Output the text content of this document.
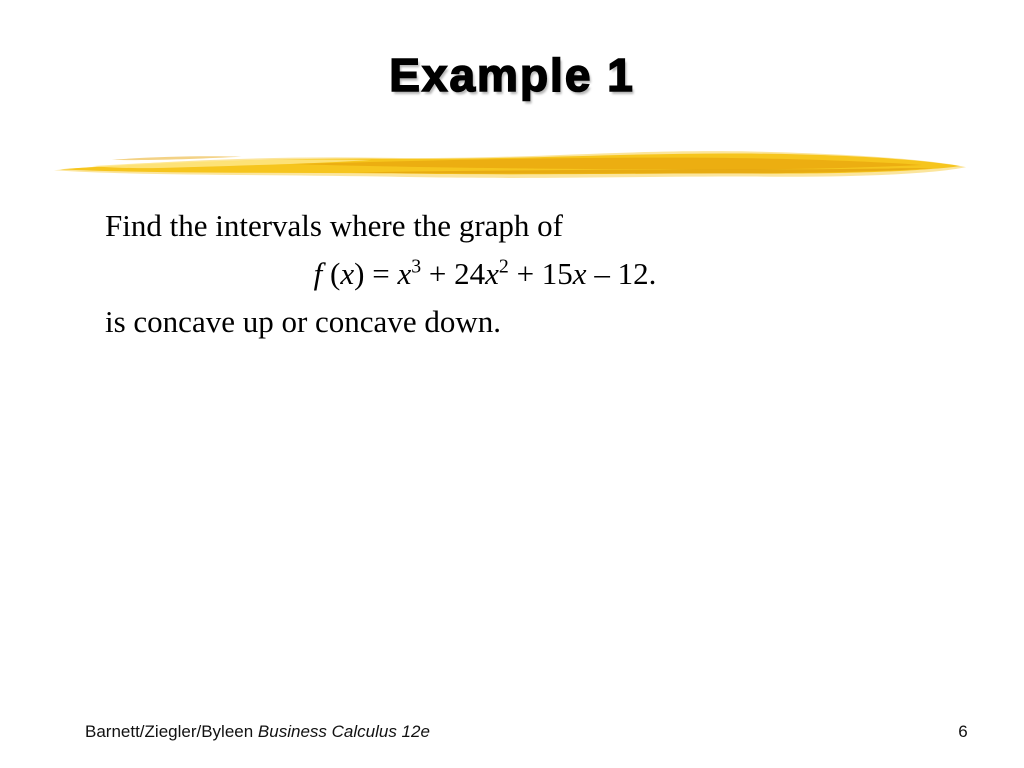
Example 1
Find the intervals where the graph of
f $(x) = x^3 + 24x^2 + 15x - 12$.
is concave up or concave down.
Barnett/Ziegler/Byleen Business Calculus 12e	6
